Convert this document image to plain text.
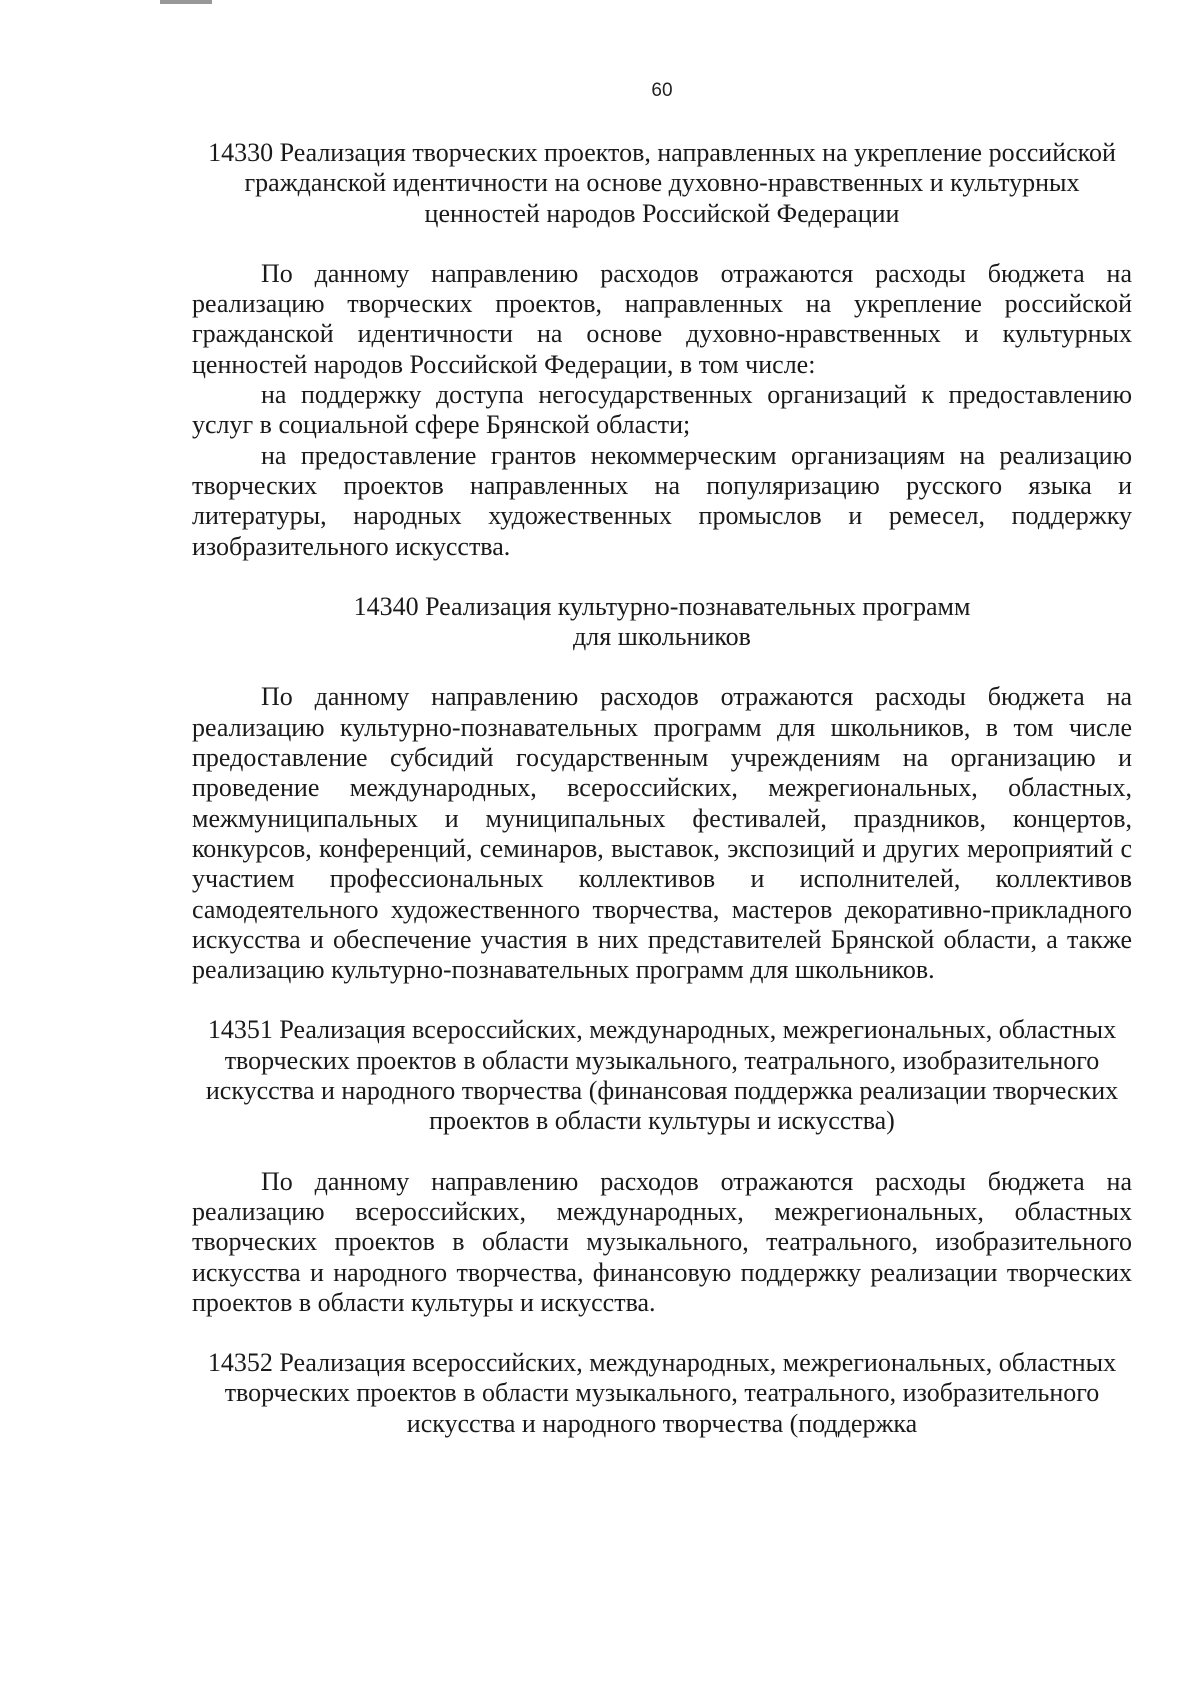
60

14330 Реализация творческих проектов, направленных на укрепление российской гражданской идентичности на основе духовно-нравственных и культурных ценностей народов Российской Федерации

По данному направлению расходов отражаются расходы бюджета на реализацию творческих проектов, направленных на укрепление российской гражданской идентичности на основе духовно-нравственных и культурных ценностей народов Российской Федерации, в том числе:

на поддержку доступа негосударственных организаций к предоставлению услуг в социальной сфере Брянской области;

на предоставление грантов некоммерческим организациям на реализацию творческих проектов направленных на популяризацию русского языка и литературы, народных художественных промыслов и ремесел, поддержку изобразительного искусства.

14340 Реализация культурно-познавательных программ для школьников

По данному направлению расходов отражаются расходы бюджета на реализацию культурно-познавательных программ для школьников, в том числе предоставление субсидий государственным учреждениям на организацию и проведение международных, всероссийских, межрегиональных, областных, межмуниципальных и муниципальных фестивалей, праздников, концертов, конкурсов, конференций, семинаров, выставок, экспозиций и других мероприятий с участием профессиональных коллективов и исполнителей, коллективов самодеятельного художественного творчества, мастеров декоративно-прикладного искусства и обеспечение участия в них представителей Брянской области, а также реализацию культурно-познавательных программ для школьников.

14351 Реализация всероссийских, международных, межрегиональных, областных творческих проектов в области музыкального, театрального, изобразительного искусства и народного творчества (финансовая поддержка реализации творческих проектов в области культуры и искусства)

По данному направлению расходов отражаются расходы бюджета на реализацию всероссийских, международных, межрегиональных, областных творческих проектов в области музыкального, театрального, изобразительного искусства и народного творчества, финансовую поддержку реализации творческих проектов в области культуры и искусства.

14352 Реализация всероссийских, международных, межрегиональных, областных творческих проектов в области музыкального, театрального, изобразительного искусства и народного творчества (поддержка
